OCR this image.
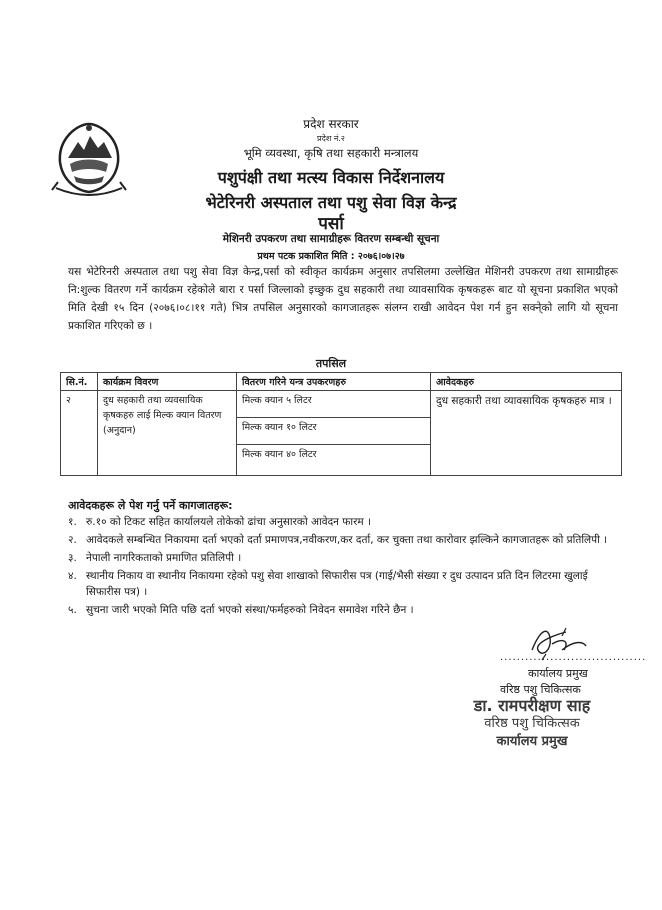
प्रदेश सरकार
प्रदेश नं.२
भूमि व्यवस्था, कृषि तथा सहकारी मन्त्रालय
पशुपंक्षी तथा मत्स्य विकास निर्देशनालय
भेटेरिनरी अस्पताल तथा पशु सेवा विज्ञ केन्द्र
पर्सा
मेशिनरी उपकरण तथा सामाग्रीहरू वितरण सम्बन्धी सूचना
प्रथम पटक प्रकाशित मिति : २०७६।०७।२७
यस भेटेरिनरी अस्पताल तथा पशु सेवा विज्ञ केन्द्र,पर्सा को स्वीकृत कार्यक्रम अनुसार तपसिलमा उल्लेखित मेशिनरी उपकरण तथा सामाग्रीहरू नि:शुल्क वितरण गर्ने कार्यक्रम रहेकोले बारा र पर्सा जिल्लाको इच्छुक दुध सहकारी तथा व्यावसायिक कृषकहरू बाट यो सूचना प्रकाशित भएको मिति देखी १५ दिन (२०७६।०८।११ गते) भित्र तपसिल अनुसारको कागजातहरू संलग्न राखी आवेदन पेश गर्न हुन सक्ने्को लागि यो सूचना प्रकाशित गरिएको छ ।
तपसिल
सि.नं.	कार्यक्रम विवरण	वितरण गरिने यन्त्र उपकरणहरु	आवेदकहरु
२	दुध सहकारी तथा व्यवसायिक कृषकहरु लाई मिल्क क्यान वितरण (अनुदान)	मिल्क क्यान ५ लिटर	दुध सहकारी तथा व्यावसायिक कृषकहरु मात्र ।
		मिल्क क्यान १० लिटर	
		मिल्क क्यान ४० लिटर	
आवेदकहरू ले पेश गर्नु पर्ने कागजातहरू:
१. रु.१० को टिकट सहित कार्यालयले तोकेको ढांचा अनुसारको आवेदन फारम ।
२. आवेदकले सम्बन्धित निकायमा दर्ता भएको दर्ता प्रमाणपत्र,नवीकरण,कर दर्ता, कर चुक्ता तथा कारोवार झल्किने कागजातहरू को प्रतिलिपी ।
३. नेपाली नागरिकताको प्रमाणित प्रतिलिपी ।
४. स्थानीय निकाय वा स्थानीय निकायमा रहेको पशु सेवा शाखाको सिफारीस पत्र (गाई/भैसी संख्या र दुध उत्पादन प्रति दिन लिटरमा खुलाई सिफारीस पत्र) ।
५. सुचना जारी भएको मिति पछि दर्ता भएको संस्था/फर्महरुको निवेदन समावेश गरिने छैन ।
...................................
कार्यालय प्रमुख
वरिष्ठ पशु चिकित्सक
डा. रामपरीक्षण साह
वरिष्ठ पशु चिकित्सक
कार्यालय प्रमुख
